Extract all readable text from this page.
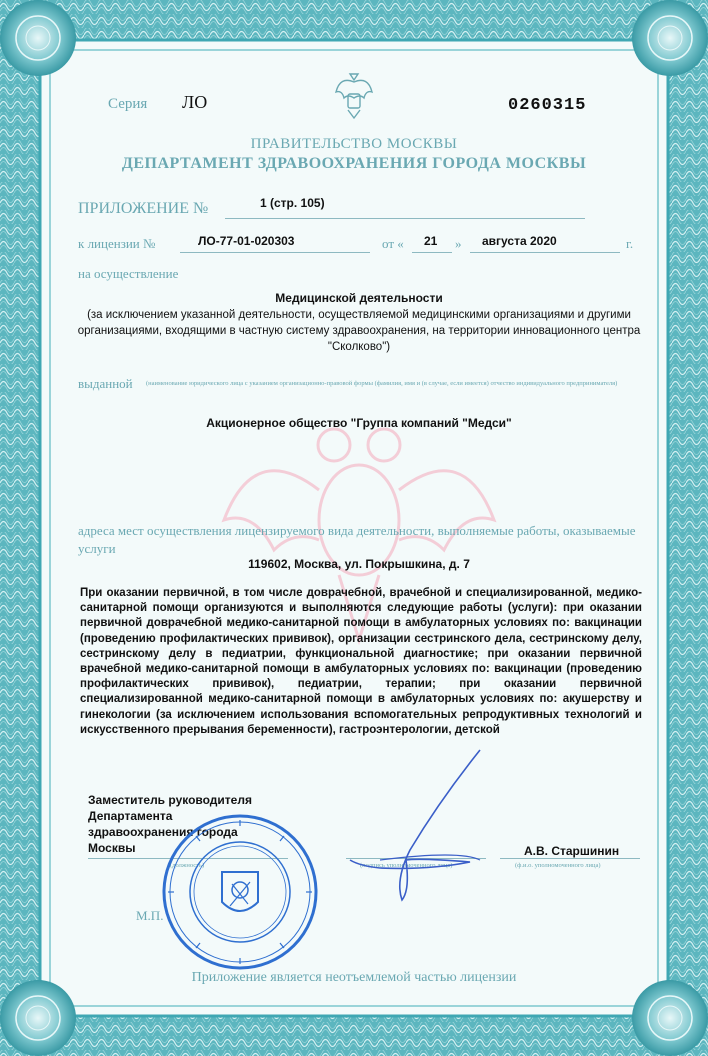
Серия ЛО	0260315
ПРАВИТЕЛЬСТВО МОСКВЫ
ДЕПАРТАМЕНТ ЗДРАВООХРАНЕНИЯ ГОРОДА МОСКВЫ
ПРИЛОЖЕНИЕ №	1 (стр. 105)
к лицензии №	ЛО-77-01-020303	от « 21 » августа 2020	г.
на осуществление
Медицинской деятельности
(за исключением указанной деятельности, осуществляемой медицинскими организациями и другими организациями, входящими в частную систему здравоохранения, на территории инновационного центра "Сколково")
выданной (наименование юридического лица с указанием организационно-правовой формы (фамилия, имя и (в случае, если имеется) отчество индивидуального предпринимателя)
Акционерное общество "Группа компаний "Медси"
адреса мест осуществления лицензируемого вида деятельности, выполняемые работы, оказываемые услуги
119602, Москва, ул. Покрышкина, д. 7
При оказании первичной, в том числе доврачебной, врачебной и специализированной, медико-санитарной помощи организуются и выполняются следующие работы (услуги): при оказании первичной доврачебной медико-санитарной помощи в амбулаторных условиях по: вакцинации (проведению профилактических прививок), организации сестринского дела, сестринскому делу, сестринскому делу в педиатрии, функциональной диагностике; при оказании первичной врачебной медико-санитарной помощи в амбулаторных условиях по: вакцинации (проведению профилактических прививок), педиатрии, терапии; при оказании первичной специализированной медико-санитарной помощи в амбулаторных условиях по: акушерству и гинекологии (за исключением использования вспомогательных репродуктивных технологий и искусственного прерывания беременности), гастроэнтерологии, детской
Заместитель руководителя
Департамента
здравоохранения города
Москвы
(должность)	(подпись уполномоченного лица)	(ф.и.о. уполномоченного лица)
А.В. Старшинин
М.П.
Приложение является неотъемлемой частью лицензии
